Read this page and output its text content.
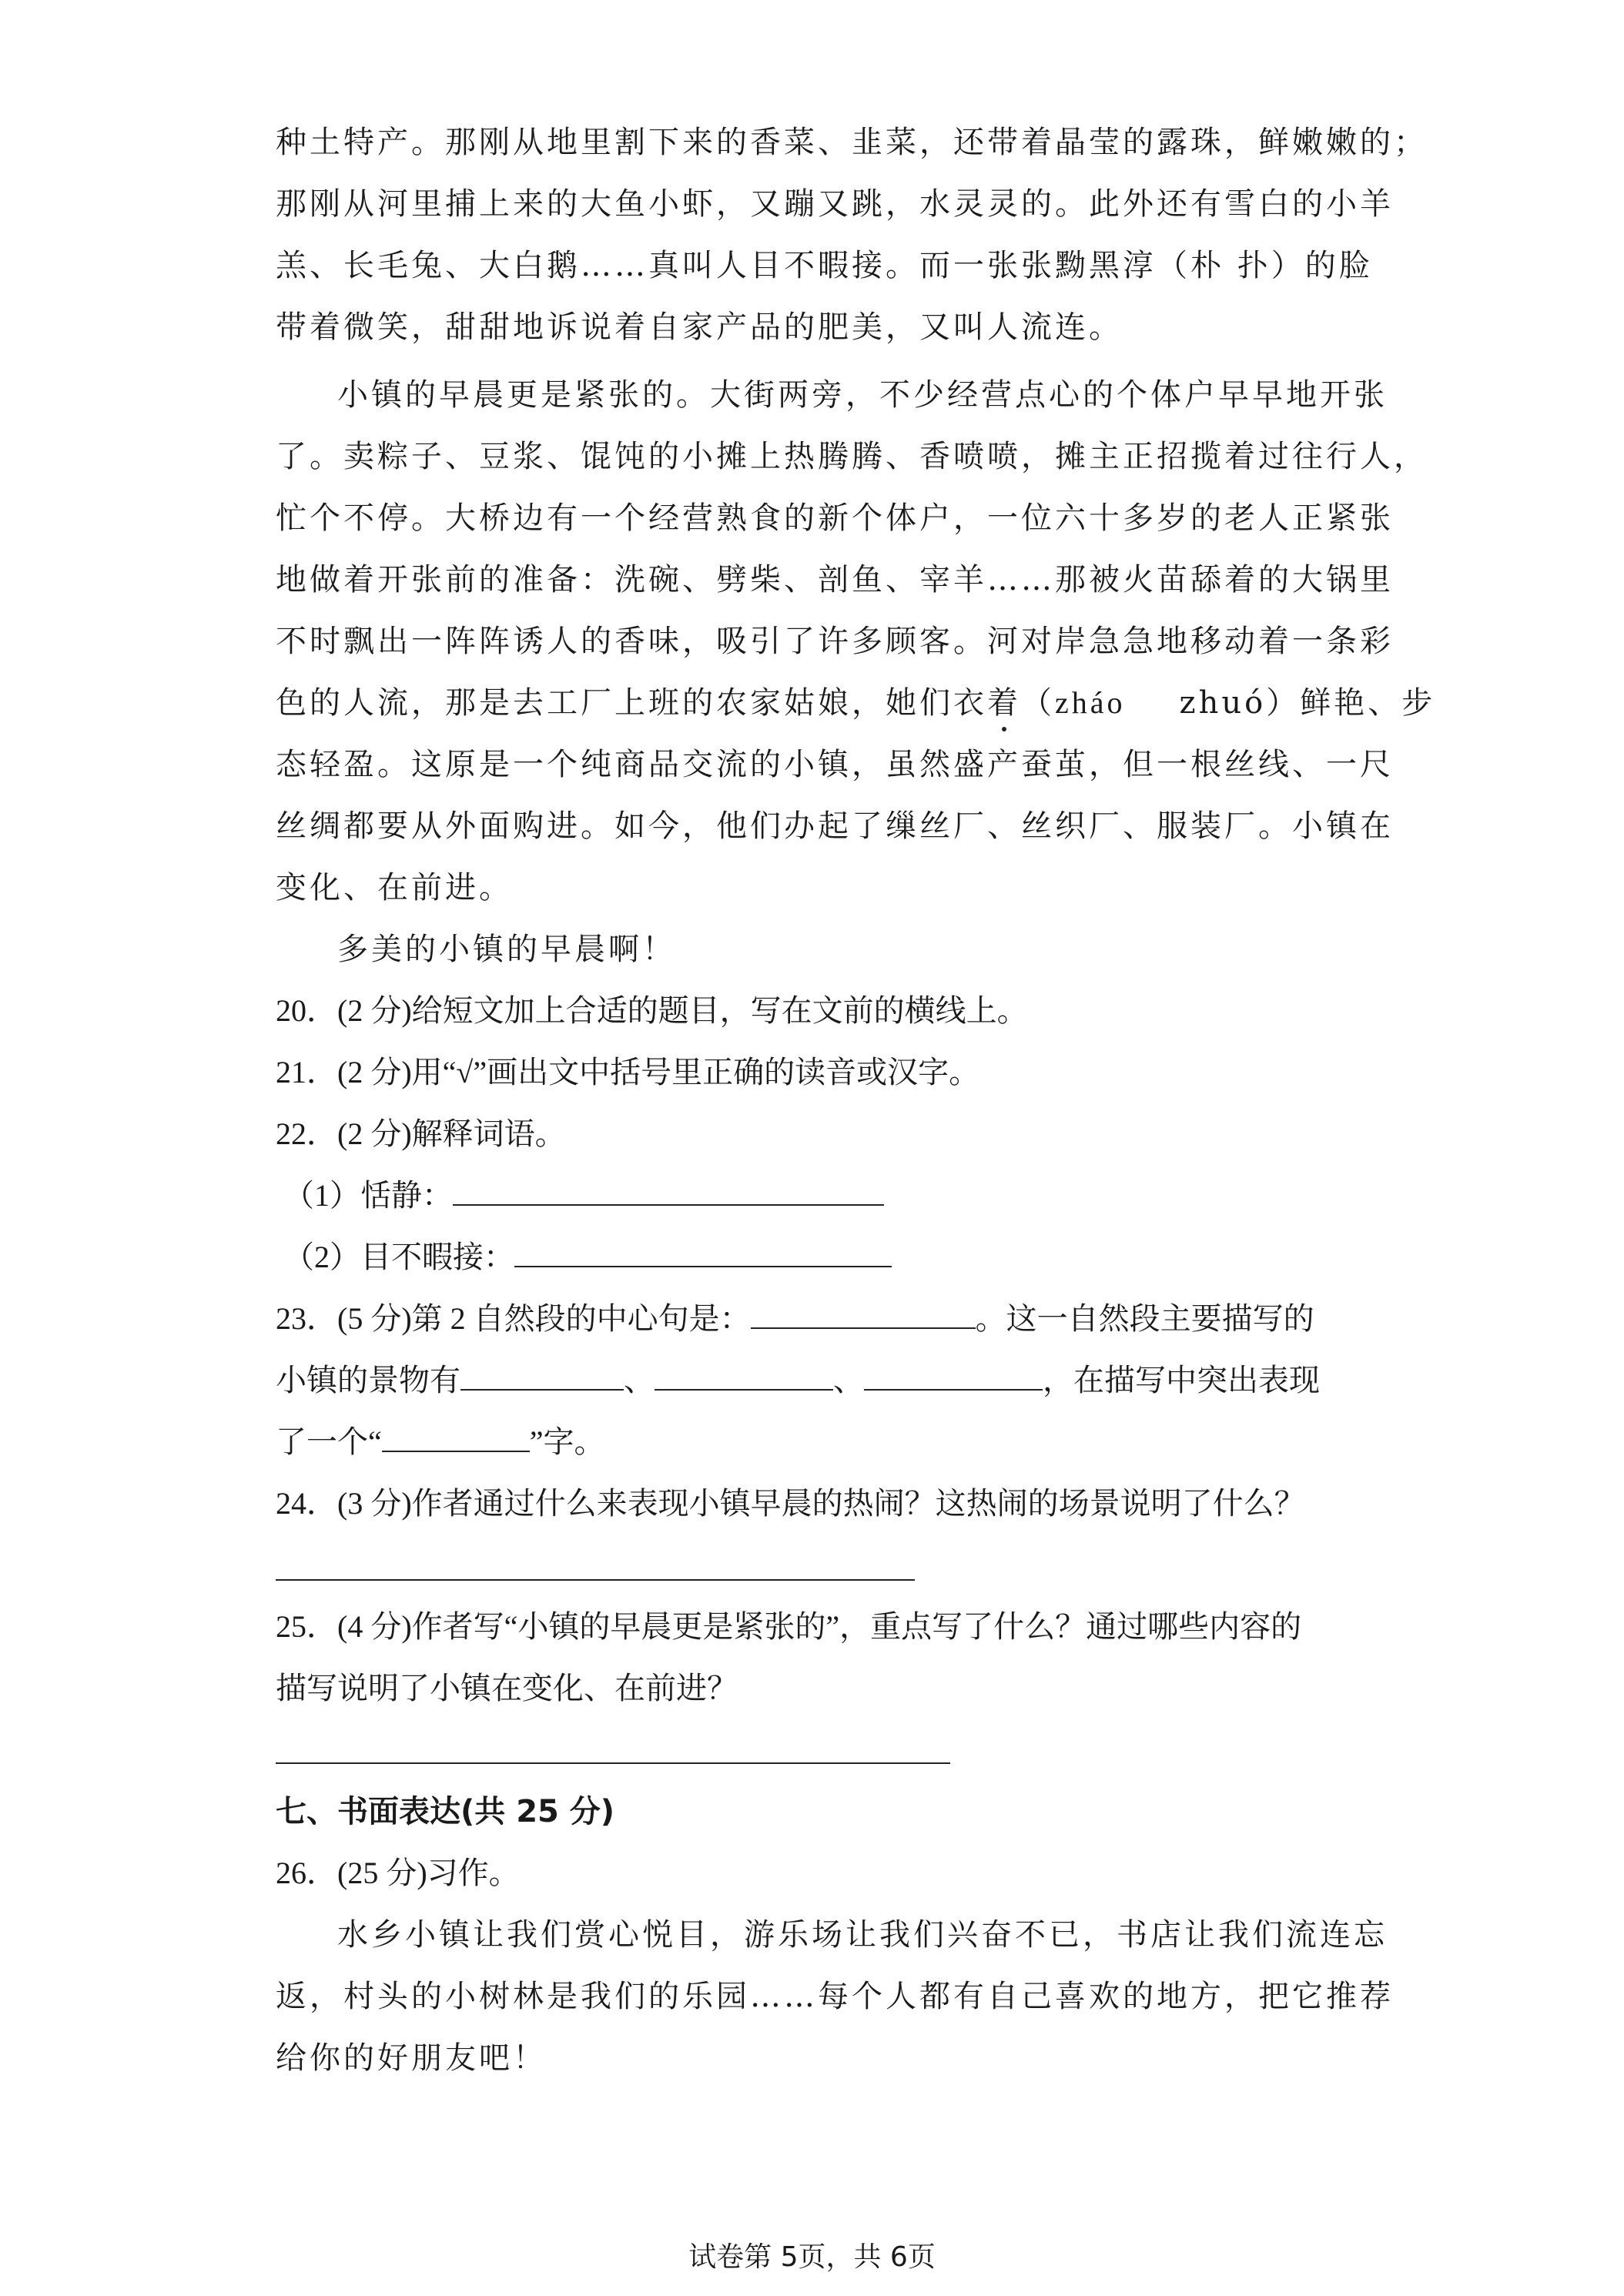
种土特产。那刚从地里割下来的香菜、韭菜，还带着晶莹的露珠，鲜嫩嫩的；
那刚从河里捕上来的大鱼小虾，又蹦又跳，水灵灵的。此外还有雪白的小羊
羔、长毛兔、大白鹅……真叫人目不暇接。而一张张黝黑淳（朴 扑）的脸
带着微笑，甜甜地诉说着自家产品的肥美，又叫人流连。
小镇的早晨更是紧张的。大街两旁，不少经营点心的个体户早早地开张
了。卖粽子、豆浆、馄饨的小摊上热腾腾、香喷喷，摊主正招揽着过往行人，
忙个不停。大桥边有一个经营熟食的新个体户，一位六十多岁的老人正紧张
地做着开张前的准备：洗碗、劈柴、剖鱼、宰羊……那被火苗舔着的大锅里
不时飘出一阵阵诱人的香味，吸引了许多顾客。河对岸急急地移动着一条彩
色的人流，那是去工厂上班的农家姑娘，她们衣着（zháo zhuó）鲜艳、步
态轻盈。这原是一个纯商品交流的小镇，虽然盛产蚕茧，但一根丝线、一尺
丝绸都要从外面购进。如今，他们办起了缫丝厂、丝织厂、服装厂。小镇在
变化、在前进。
多美的小镇的早晨啊！
20．(2 分)给短文加上合适的题目，写在文前的横线上。
21．(2 分)用“√”画出文中括号里正确的读音或汉字。
22．(2 分)解释词语。
（1）恬静：
（2）目不暇接：
23．(5 分)第 2 自然段的中心句是：	。这一自然段主要描写的
小镇的景物有	、	、	，在描写中突出表现
了一个“	”字。
24．(3 分)作者通过什么来表现小镇早晨的热闹？这热闹的场景说明了什么？
25．(4 分)作者写“小镇的早晨更是紧张的”，重点写了什么？通过哪些内容的
描写说明了小镇在变化、在前进？
七、书面表达(共 25 分)
26．(25 分)习作。
水乡小镇让我们赏心悦目，游乐场让我们兴奋不已，书店让我们流连忘
返，村头的小树林是我们的乐园……每个人都有自己喜欢的地方，把它推荐
给你的好朋友吧！
试卷第 5页，共 6页
